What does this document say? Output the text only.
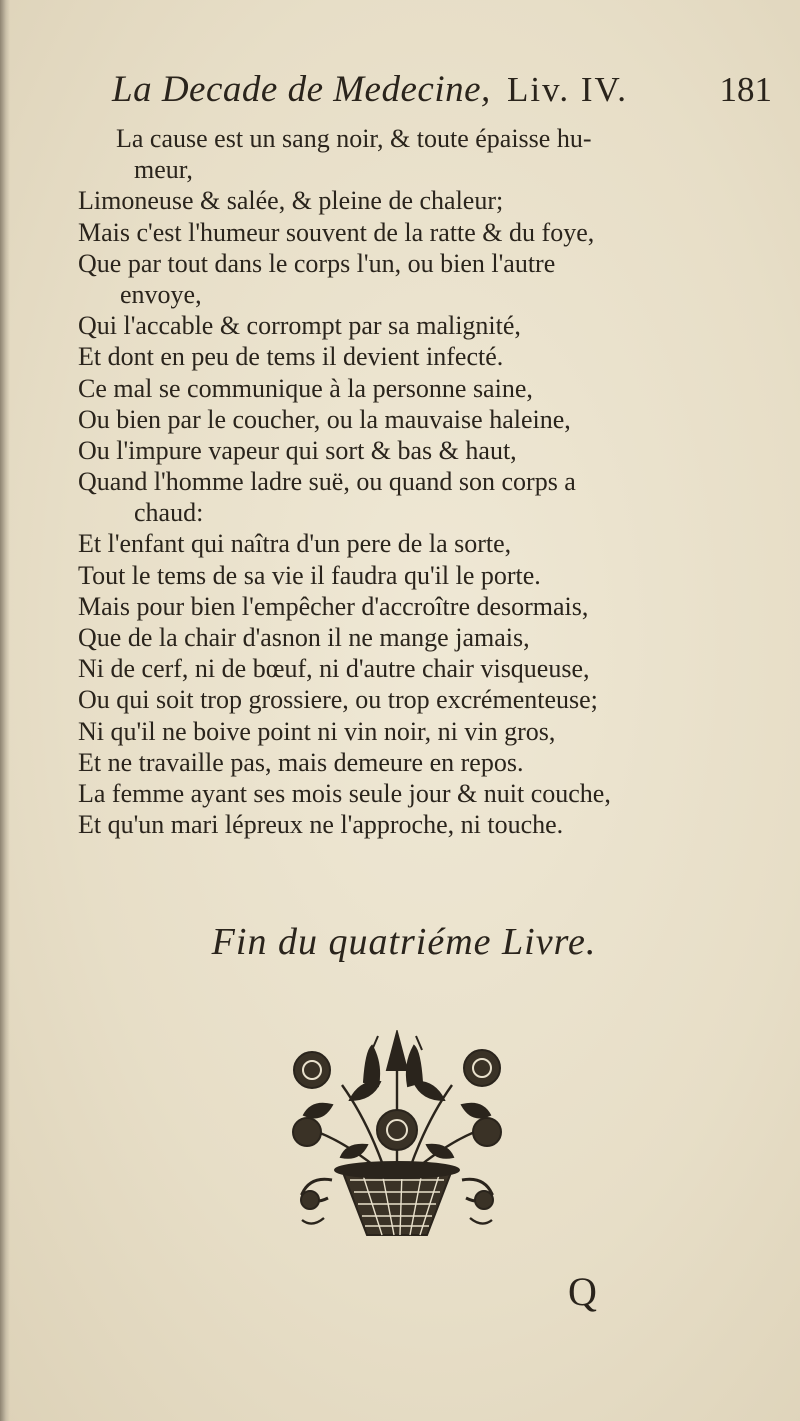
La Decade de Medecine, Liv. IV.	181
La cause est un sang noir, & toute épaisse hu-
meur,
Limoneuse & salée, & pleine de chaleur;
Mais c'est l'humeur souvent de la ratte & du foye,
Que par tout dans le corps l'un, ou bien l'autre
envoye,
Qui l'accable & corrompt par sa malignité,
Et dont en peu de tems il devient infecté.
Ce mal se communique à la personne saine,
Ou bien par le coucher, ou la mauvaise haleine,
Ou l'impure vapeur qui sort & bas & haut,
Quand l'homme ladre suë, ou quand son corps a
chaud:
Et l'enfant qui naîtra d'un pere de la sorte,
Tout le tems de sa vie il faudra qu'il le porte.
Mais pour bien l'empêcher d'accroître desormais,
Que de la chair d'asnon il ne mange jamais,
Ni de cerf, ni de bœuf, ni d'autre chair visqueuse,
Ou qui soit trop grossiere, ou trop excrémenteuse;
Ni qu'il ne boive point ni vin noir, ni vin gros,
Et ne travaille pas, mais demeure en repos.
La femme ayant ses mois seule jour & nuit couche,
Et qu'un mari lépreux ne l'approche, ni touche.
Fin du quatriéme Livre.
Q
